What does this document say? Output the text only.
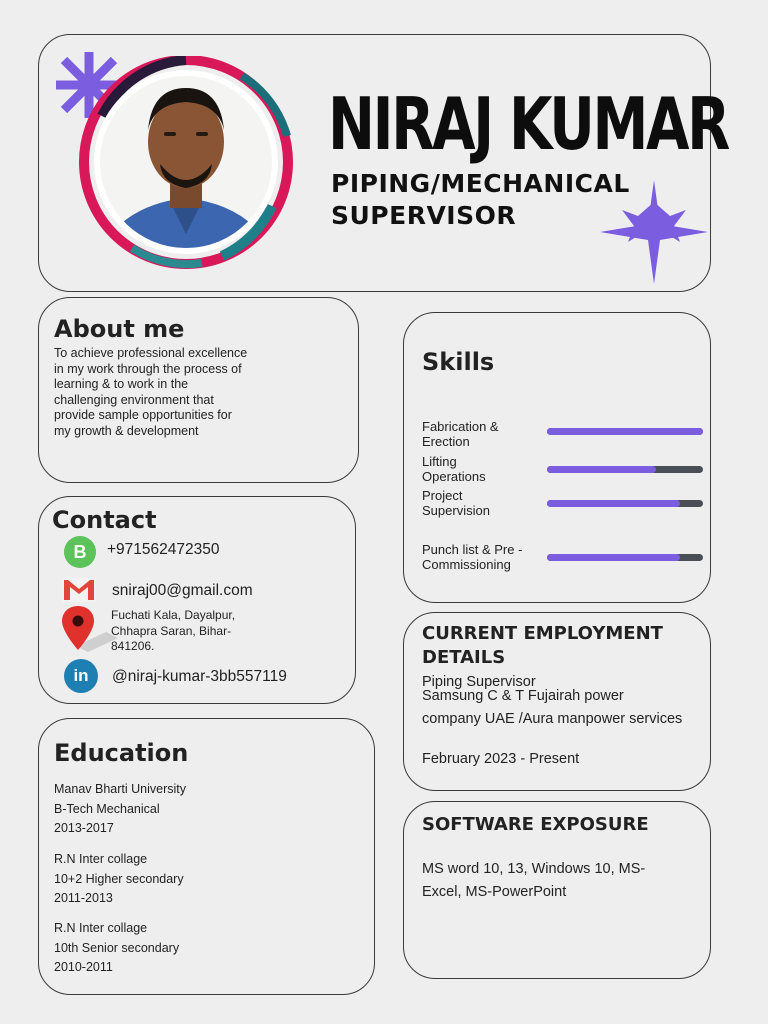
NIRAJ KUMAR
PIPING/MECHANICAL
SUPERVISOR
About me
To achieve professional excellence in my work through the process of learning & to work in the challenging environment that provide sample opportunities for my growth & development
Contact
B	+971562472350
sniraj00@gmail.com
Fuchati Kala, Dayalpur, Chhapra Saran, Bihar-841206.
in	@niraj-kumar-3bb557119
Education
Manav Bharti University
B-Tech Mechanical
2013-2017
R.N Inter collage
10+2 Higher secondary
2011-2013
R.N Inter collage
10th Senior secondary
2010-2011
Skills
Fabrication & Erection
Lifting Operations
Project Supervision
Punch list & Pre - Commissioning
CURRENT EMPLOYMENT DETAILS
Piping Supervisor
Samsung C & T Fujairah power company UAE /Aura manpower services
February 2023 - Present
SOFTWARE EXPOSURE
MS word 10, 13, Windows 10, MS-Excel, MS-PowerPoint
